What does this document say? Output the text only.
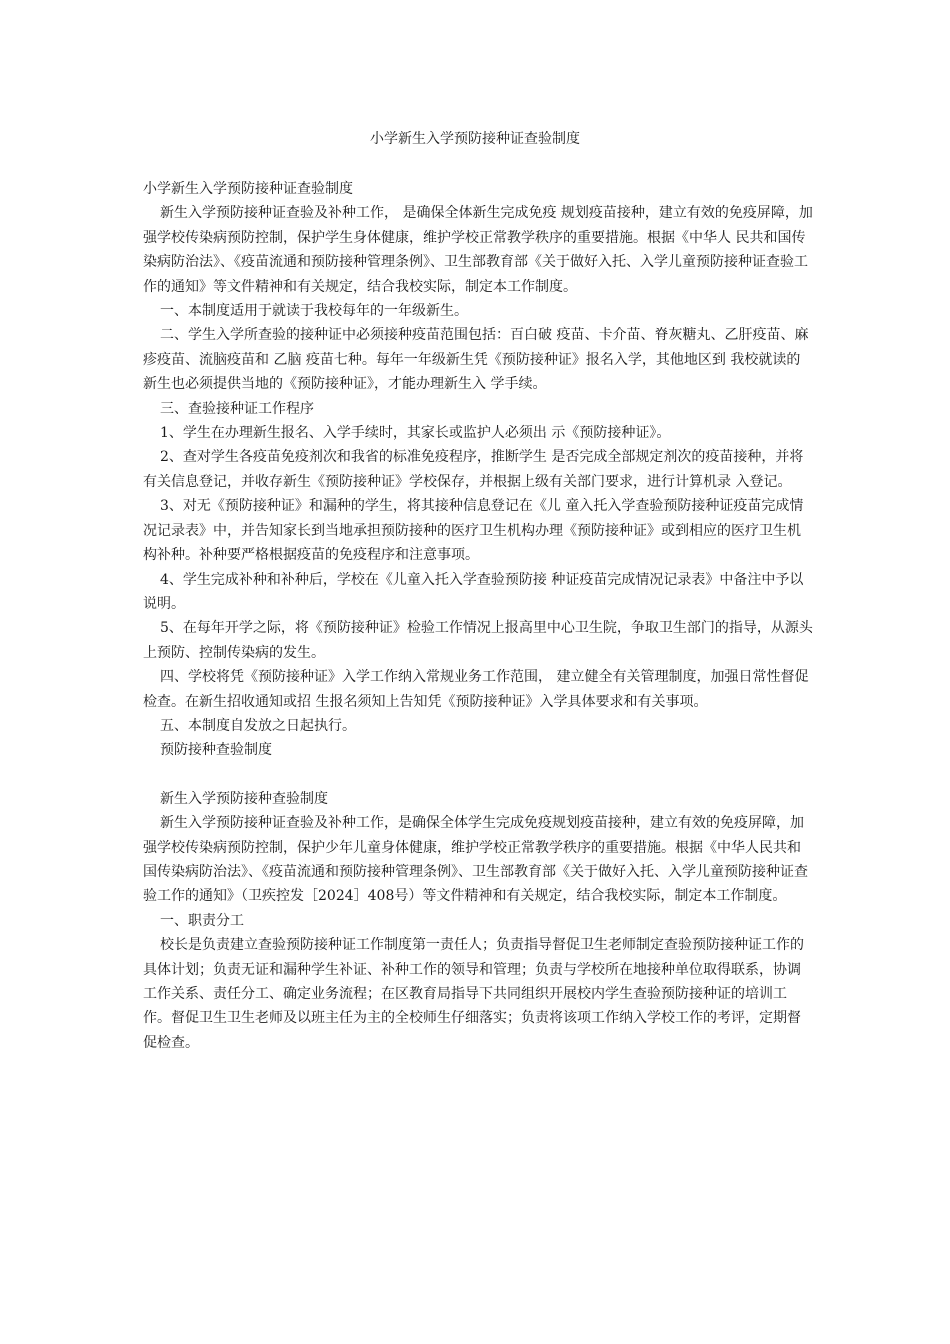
小学新生入学预防接种证查验制度

小学新生入学预防接种证查验制度

新生入学预防接种证查验及补种工作， 是确保全体新生完成免疫 规划疫苗接种，建立有效的免疫屏障，加强学校传染病预防控制，保护学生身体健康，维护学校正常教学秩序的重要措施。根据《中华人 民共和国传染病防治法》、《疫苗流通和预防接种管理条例》、卫生部教育部《关于做好入托、入学儿童预防接种证查验工作的通知》等文件精神和有关规定，结合我校实际，制定本工作制度。

一、本制度适用于就读于我校每年的一年级新生。

二、学生入学所查验的接种证中必须接种疫苗范围包括：百白破 疫苗、卡介苗、脊灰糖丸、乙肝疫苗、麻疹疫苗、流脑疫苗和 乙脑 疫苗七种。每年一年级新生凭《预防接种证》报名入学，其他地区到 我校就读的新生也必须提供当地的《预防接种证》，才能办理新生入 学手续。

三、查验接种证工作程序

1、学生在办理新生报名、入学手续时，其家长或监护人必须出 示《预防接种证》。

2、查对学生各疫苗免疫剂次和我省的标准免疫程序，推断学生 是否完成全部规定剂次的疫苗接种，并将有关信息登记，并收存新生《预防接种证》学校保存，并根据上级有关部门要求，进行计算机录 入登记。

3、对无《预防接种证》和漏种的学生，将其接种信息登记在《儿 童入托入学查验预防接种证疫苗完成情况记录表》中，并告知家长到当地承担预防接种的医疗卫生机构办理《预防接种证》或到相应的医疗卫生机构补种。补种要严格根据疫苗的免疫程序和注意事项。

4、学生完成补种和补种后，学校在《儿童入托入学查验预防接 种证疫苗完成情况记录表》中备注中予以说明。

5、在每年开学之际，将《预防接种证》检验工作情况上报高里中心卫生院，争取卫生部门的指导，从源头上预防、控制传染病的发生。

四、学校将凭《预防接种证》入学工作纳入常规业务工作范围， 建立健全有关管理制度，加强日常性督促检查。在新生招收通知或招 生报名须知上告知凭《预防接种证》入学具体要求和有关事项。

五、本制度自发放之日起执行。

预防接种查验制度

新生入学预防接种查验制度

新生入学预防接种证查验及补种工作，是确保全体学生完成免疫规划疫苗接种，建立有效的免疫屏障，加强学校传染病预防控制，保护少年儿童身体健康，维护学校正常教学秩序的重要措施。根据《中华人民共和国传染病防治法》、《疫苗流通和预防接种管理条例》、卫生部教育部《关于做好入托、入学儿童预防接种证查验工作的通知》（卫疾控发［2024］408号）等文件精神和有关规定，结合我校实际，制定本工作制度。

一、职责分工

校长是负责建立查验预防接种证工作制度第一责任人；负责指导督促卫生老师制定查验预防接种证工作的具体计划；负责无证和漏种学生补证、补种工作的领导和管理；负责与学校所在地接种单位取得联系，协调工作关系、责任分工、确定业务流程；在区教育局指导下共同组织开展校内学生查验预防接种证的培训工作。督促卫生卫生老师及以班主任为主的全校师生仔细落实；负责将该项工作纳入学校工作的考评，定期督促检查。
